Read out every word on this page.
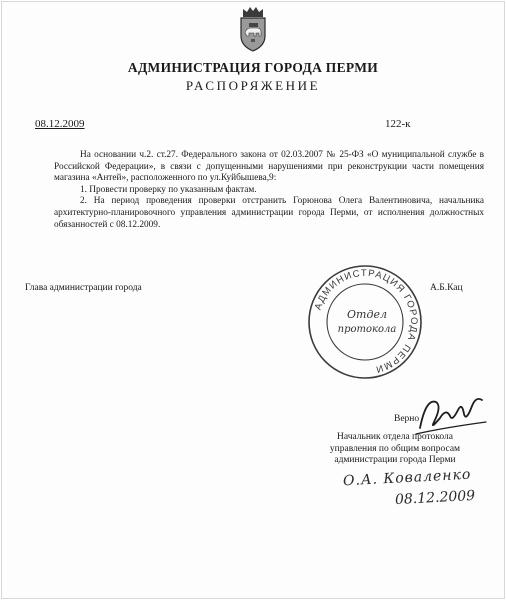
АДМИНИСТРАЦИЯ ГОРОДА ПЕРМИ
РАСПОРЯЖЕНИЕ
08.12.2009	122-к

На основании ч.2. ст.27. Федерального закона от 02.03.2007 № 25-ФЗ «О муниципальной службе в Российской Федерации», в связи с допущенными нарушениями при реконструкции части помещения магазина «Антей», расположенного по ул.Куйбышева,9:

1. Провести проверку по указанным фактам.

2. На период проведения проверки отстранить Горюнова Олега Валентиновича, начальника архитектурно-планировочного управления администрации города Перми, от исполнения должностных обязанностей с 08.12.2009.

Глава администрации города	А.Б.Кац
АДМИНИСТРАЦИЯ ГОРОДА ПЕРМИ
Отдел
протокола
Верно
Начальник отдела протокола
управления по общим вопросам
администрации города Перми
О.А. Коваленко
08.12.2009
